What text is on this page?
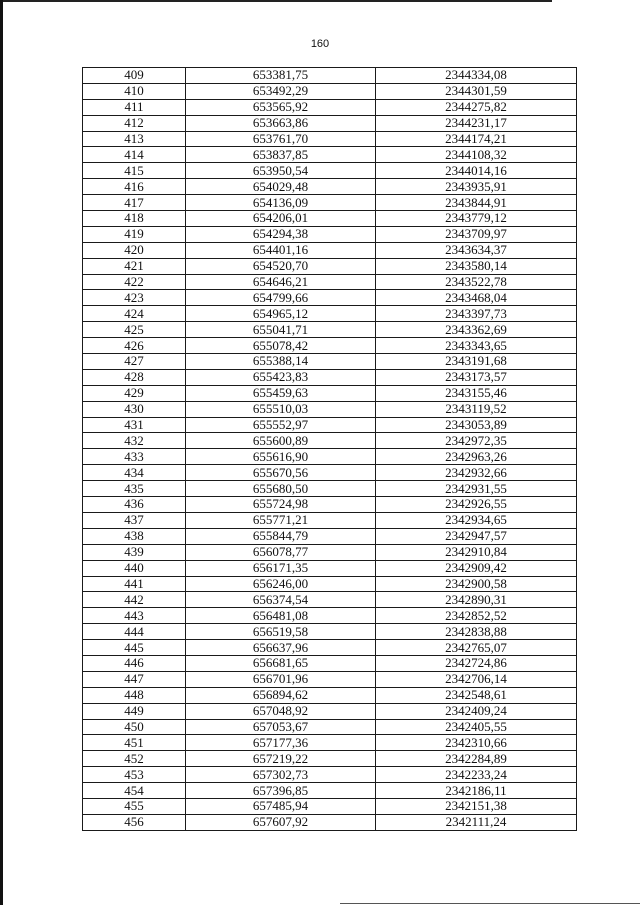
160
409	653381,75	2344334,08
410	653492,29	2344301,59
411	653565,92	2344275,82
412	653663,86	2344231,17
413	653761,70	2344174,21
414	653837,85	2344108,32
415	653950,54	2344014,16
416	654029,48	2343935,91
417	654136,09	2343844,91
418	654206,01	2343779,12
419	654294,38	2343709,97
420	654401,16	2343634,37
421	654520,70	2343580,14
422	654646,21	2343522,78
423	654799,66	2343468,04
424	654965,12	2343397,73
425	655041,71	2343362,69
426	655078,42	2343343,65
427	655388,14	2343191,68
428	655423,83	2343173,57
429	655459,63	2343155,46
430	655510,03	2343119,52
431	655552,97	2343053,89
432	655600,89	2342972,35
433	655616,90	2342963,26
434	655670,56	2342932,66
435	655680,50	2342931,55
436	655724,98	2342926,55
437	655771,21	2342934,65
438	655844,79	2342947,57
439	656078,77	2342910,84
440	656171,35	2342909,42
441	656246,00	2342900,58
442	656374,54	2342890,31
443	656481,08	2342852,52
444	656519,58	2342838,88
445	656637,96	2342765,07
446	656681,65	2342724,86
447	656701,96	2342706,14
448	656894,62	2342548,61
449	657048,92	2342409,24
450	657053,67	2342405,55
451	657177,36	2342310,66
452	657219,22	2342284,89
453	657302,73	2342233,24
454	657396,85	2342186,11
455	657485,94	2342151,38
456	657607,92	2342111,24
